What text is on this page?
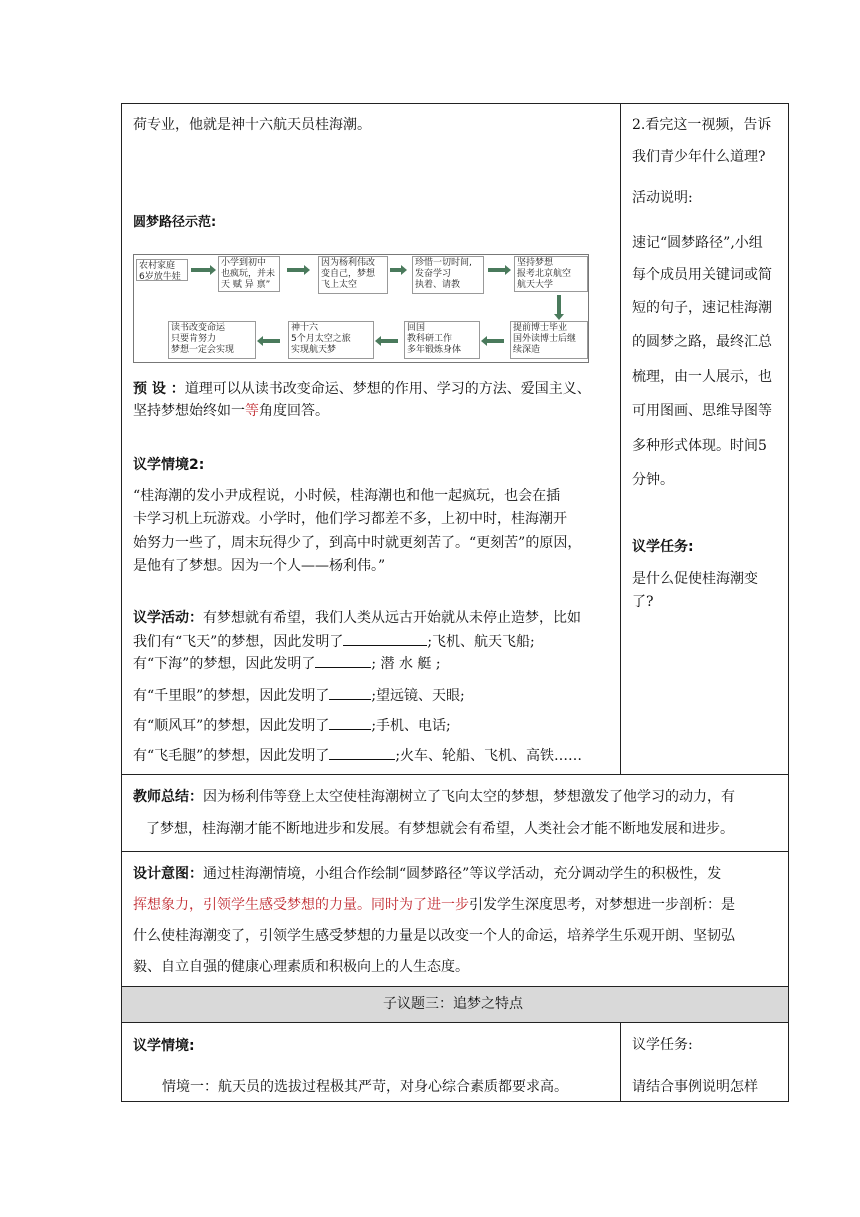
荷专业，他就是神十六航天员桂海潮。
圆梦路径示范:
农村家庭
6岁放牛娃
小学到初中
也疯玩，并未
天 赋 异 禀”
因为杨利伟改
变自己，梦想
飞上太空
珍惜一切时间,
发奋学习
执着、请教
坚持梦想
报考北京航空
航天大学
提前博士毕业
国外读博士后继
续深造
回国
教科研工作
多年锻炼身体
神十六
5个月太空之旅
实现航天梦
读书改变命运
只要肯努力
梦想一定会实现
预 设 ：道理可以从读书改变命运、梦想的作用、学习的方法、爱国主义、
坚持梦想始终如一等角度回答。
议学情境2:
“桂海潮的发小尹成程说，小时候，桂海潮也和他一起疯玩，也会在插
卡学习机上玩游戏。小学时，他们学习都差不多，上初中时，桂海潮开
始努力一些了，周末玩得少了，到高中时就更刻苦了。“更刻苦”的原因，
是他有了梦想。因为一个人——杨利伟。”
议学活动：有梦想就有希望，我们人类从远古开始就从未停止造梦，比如
我们有“飞天”的梦想，因此发明了	;飞机、航天飞船;
有“下海”的梦想，因此发明了	; 潜 水 艇 ;
有“千里眼”的梦想，因此发明了	;望远镜、天眼;
有“顺风耳”的梦想，因此发明了	;手机、电话;
有“飞毛腿”的梦想，因此发明了	;火车、轮船、飞机、高铁……
2.看完这一视频，告诉
我们青少年什么道理?
活动说明:
速记“圆梦路径”,小组
每个成员用关键词或简
短的句子，速记桂海潮
的圆梦之路，最终汇总
梳理，由一人展示，也
可用图画、思维导图等
多种形式体现。时间5
分钟。
议学任务:
是什么促使桂海潮变
了?
教师总结：因为杨利伟等登上太空使桂海潮树立了飞向太空的梦想，梦想激发了他学习的动力，有
了梦想，桂海潮才能不断地进步和发展。有梦想就会有希望，人类社会才能不断地发展和进步。
设计意图：通过桂海潮情境，小组合作绘制“圆梦路径”等议学活动，充分调动学生的积极性，发
挥想象力，引领学生感受梦想的力量。同时为了进一步引发学生深度思考，对梦想进一步剖析：是
什么使桂海潮变了，引领学生感受梦想的力量是以改变一个人的命运，培养学生乐观开朗、坚韧弘
毅、自立自强的健康心理素质和积极向上的人生态度。
子议题三：追梦之特点
议学情境:
情境一：航天员的选拔过程极其严苛，对身心综合素质都要求高。
议学任务:
请结合事例说明怎样
